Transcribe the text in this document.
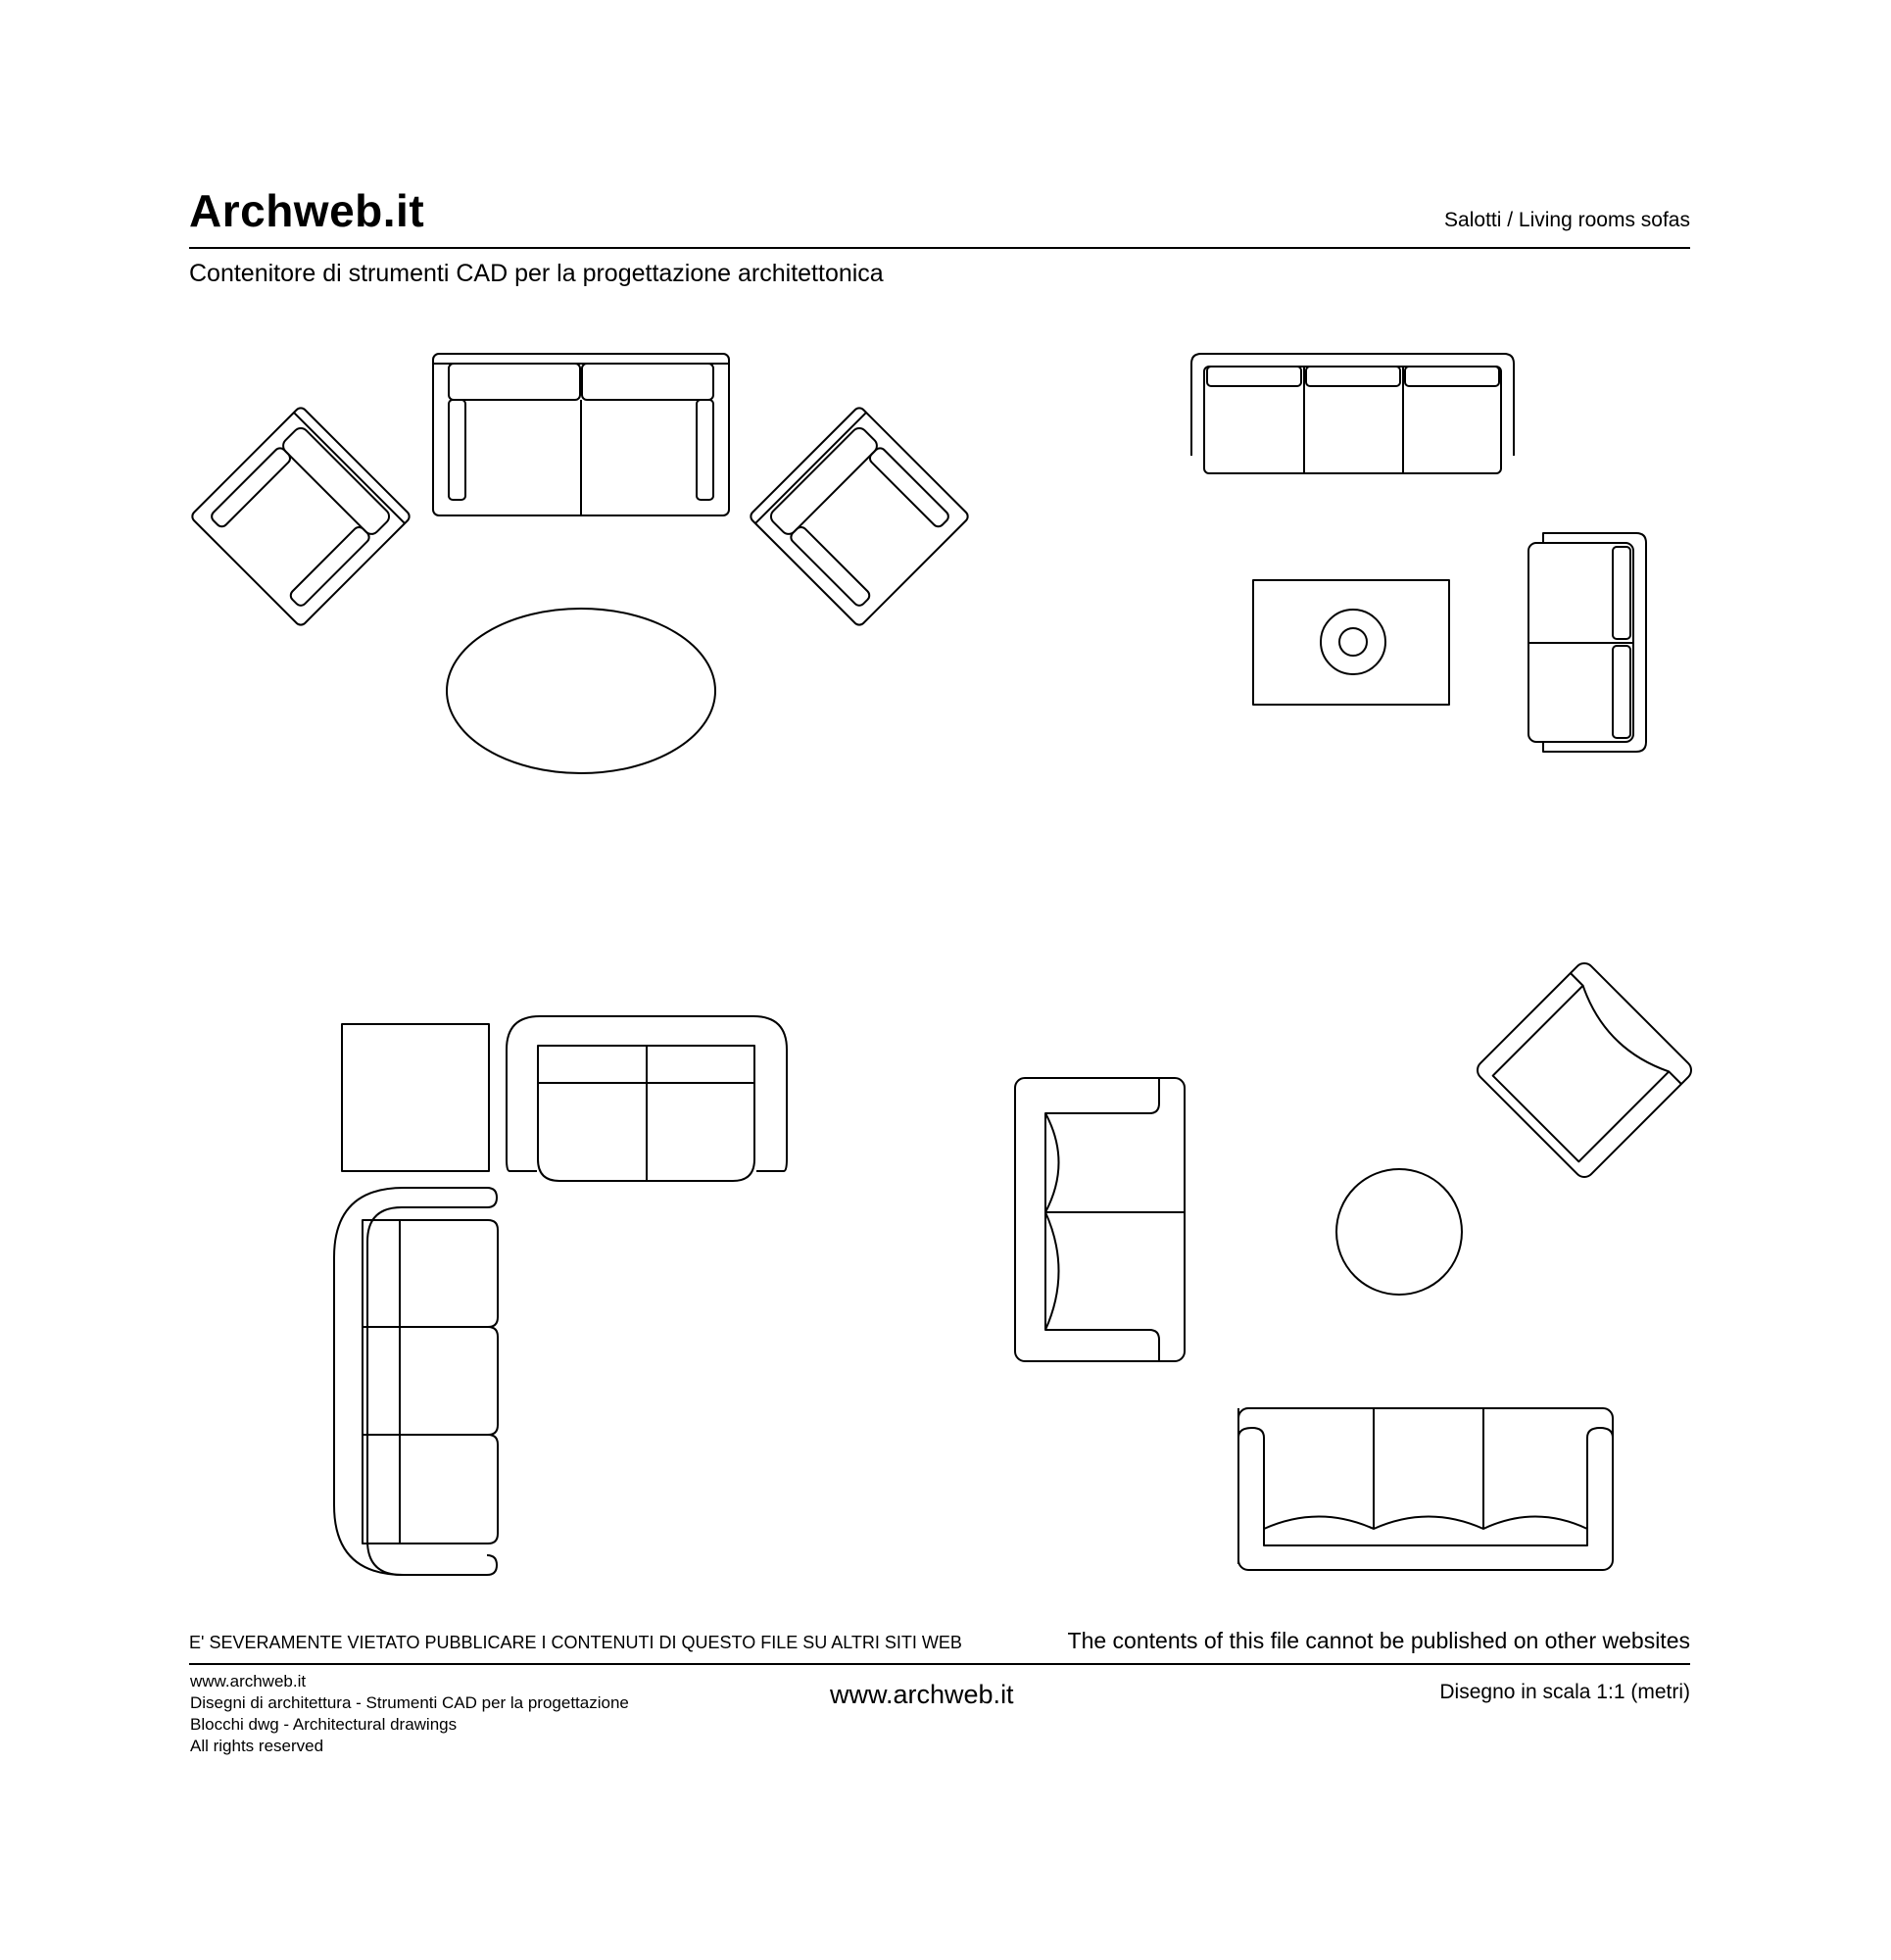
Archweb.it	Salotti / Living rooms sofas
Contenitore di strumenti CAD per la progettazione architettonica
E' SEVERAMENTE VIETATO PUBBLICARE I CONTENUTI DI QUESTO FILE SU ALTRI SITI WEB	The contents of this file cannot be published on other websites
www.archweb.it
Disegni di architettura - Strumenti CAD per la progettazione
Blocchi dwg - Architectural drawings
All rights reserved
www.archweb.it	Disegno in scala 1:1 (metri)
